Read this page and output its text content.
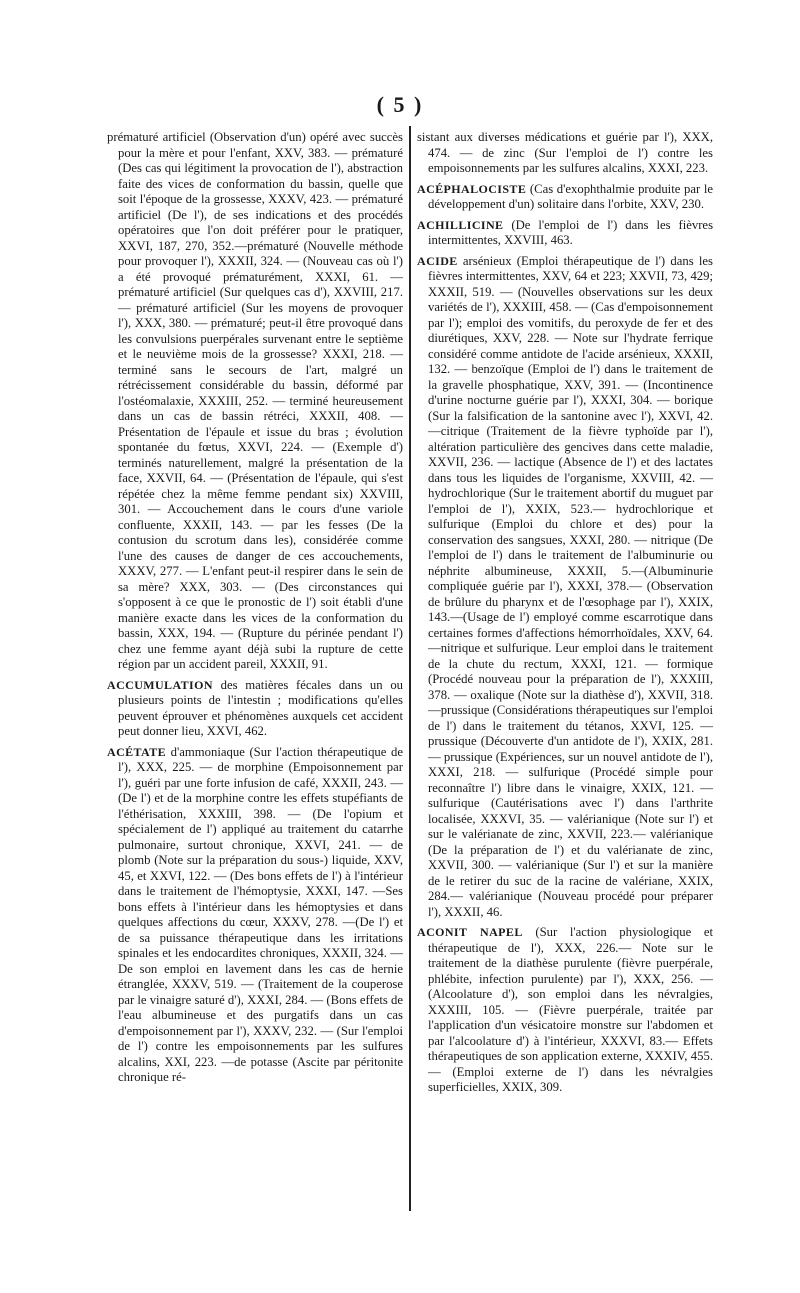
( 5 )

prématuré artificiel (Observation d'un) opéré avec succès pour la mère et pour l'enfant, XXV, 383. — prématuré (Des cas qui légitiment la provocation de l'), abstraction faite des vices de conformation du bassin, quelle que soit l'époque de la grossesse, XXXV, 423. — prématuré artificiel (De l'), de ses indications et des procédés opératoires que l'on doit préférer pour le pratiquer, XXVI, 187, 270, 352.—prématuré (Nouvelle méthode pour provoquer l'), XXXII, 324. — (Nouveau cas où l') a été provoqué prématurément, XXXI, 61. — prématuré artificiel (Sur quelques cas d'), XXVIII, 217. — prématuré artificiel (Sur les moyens de provoquer l'), XXX, 380. — prématuré; peut-il être provoqué dans les convulsions puerpérales survenant entre le septième et le neuvième mois de la grossesse? XXXI, 218. — terminé sans le secours de l'art, malgré un rétrécissement considérable du bassin, déformé par l'ostéomalaxie, XXXIII, 252. — terminé heureusement dans un cas de bassin rétréci, XXXII, 408. — Présentation de l'épaule et issue du bras ; évolution spontanée du fœtus, XXVI, 224. — (Exemple d') terminés naturellement, malgré la présentation de la face, XXVII, 64. — (Présentation de l'épaule, qui s'est répétée chez la même femme pendant six) XXVIII, 301. — Accouchement dans le cours d'une variole confluente, XXXII, 143. — par les fesses (De la contusion du scrotum dans les), considérée comme l'une des causes de danger de ces accouchements, XXXV, 277. — L'enfant peut-il respirer dans le sein de sa mère? XXX, 303. — (Des circonstances qui s'opposent à ce que le pronostic de l') soit établi d'une manière exacte dans les vices de la conformation du bassin, XXX, 194. — (Rupture du périnée pendant l') chez une femme ayant déjà subi la rupture de cette région par un accident pareil, XXXII, 91.

ACCUMULATION des matières fécales dans un ou plusieurs points de l'intestin ; modifications qu'elles peuvent éprouver et phénomènes auxquels cet accident peut donner lieu, XXVI, 462.

ACÉTATE d'ammoniaque (Sur l'action thérapeutique de l'), XXX, 225. — de morphine (Empoisonnement par l'), guéri par une forte infusion de café, XXXII, 243. — (De l') et de la morphine contre les effets stupéfiants de l'éthérisation, XXXIII, 398. — (De l'opium et spécialement de l') appliqué au traitement du catarrhe pulmonaire, surtout chronique, XXVI, 241. — de plomb (Note sur la préparation du sous-) liquide, XXV, 45, et XXVI, 122. — (Des bons effets de l') à l'intérieur dans le traitement de l'hémoptysie, XXXI, 147. —Ses bons effets à l'intérieur dans les hémoptysies et dans quelques affections du cœur, XXXV, 278. —(De l') et de sa puissance thérapeutique dans les irritations spinales et les endocardites chroniques, XXXII, 324. — De son emploi en lavement dans les cas de hernie étranglée, XXXV, 519. — (Traitement de la couperose par le vinaigre saturé d'), XXXI, 284. — (Bons effets de l'eau albumineuse et des purgatifs dans un cas d'empoisonnement par l'), XXXV, 232. — (Sur l'emploi de l') contre les empoisonnements par les sulfures alcalins, XXI, 223. —de potasse (Ascite par péritonite chronique ré-

sistant aux diverses médications et guérie par l'), XXX, 474. — de zinc (Sur l'emploi de l') contre les empoisonnements par les sulfures alcalins, XXXI, 223.

ACÉPHALOCISTE (Cas d'exophthalmie produite par le développement d'un) solitaire dans l'orbite, XXV, 230.

ACHILLICINE (De l'emploi de l') dans les fièvres intermittentes, XXVIII, 463.

ACIDE arsénieux (Emploi thérapeutique de l') dans les fièvres intermittentes, XXV, 64 et 223; XXVII, 73, 429; XXXII, 519. — (Nouvelles observations sur les deux variétés de l'), XXXIII, 458. — (Cas d'empoisonnement par l'); emploi des vomitifs, du peroxyde de fer et des diurétiques, XXV, 228. — Note sur l'hydrate ferrique considéré comme antidote de l'acide arsénieux, XXXII, 132. — benzoïque (Emploi de l') dans le traitement de la gravelle phosphatique, XXV, 391. — (Incontinence d'urine nocturne guérie par l'), XXXI, 304. — borique (Sur la falsification de la santonine avec l'), XXVI, 42.—citrique (Traitement de la fièvre typhoïde par l'), altération particulière des gencives dans cette maladie, XXVII, 236. — lactique (Absence de l') et des lactates dans tous les liquides de l'organisme, XXVIII, 42. — hydrochlorique (Sur le traitement abortif du muguet par l'emploi de l'), XXIX, 523.— hydrochlorique et sulfurique (Emploi du chlore et des) pour la conservation des sangsues, XXXI, 280. — nitrique (De l'emploi de l') dans le traitement de l'albuminurie ou néphrite albumineuse, XXXII, 5.—(Albuminurie compliquée guérie par l'), XXXI, 378.— (Observation de brûlure du pharynx et de l'œsophage par l'), XXIX, 143.—(Usage de l') employé comme escarrotique dans certaines formes d'affections hémorrhoïdales, XXV, 64.—nitrique et sulfurique. Leur emploi dans le traitement de la chute du rectum, XXXI, 121. — formique (Procédé nouveau pour la préparation de l'), XXXIII, 378. — oxalique (Note sur la diathèse d'), XXVII, 318.—prussique (Considérations thérapeutiques sur l'emploi de l') dans le traitement du tétanos, XXVI, 125. — prussique (Découverte d'un antidote de l'), XXIX, 281. — prussique (Expériences, sur un nouvel antidote de l'), XXXI, 218. — sulfurique (Procédé simple pour reconnaître l') libre dans le vinaigre, XXIX, 121. — sulfurique (Cautérisations avec l') dans l'arthrite localisée, XXXVI, 35. — valérianique (Note sur l') et sur le valérianate de zinc, XXVII, 223.— valérianique (De la préparation de l') et du valérianate de zinc, XXVII, 300. — valérianique (Sur l') et sur la manière de le retirer du suc de la racine de valériane, XXIX, 284.— valérianique (Nouveau procédé pour préparer l'), XXXII, 46.

ACONIT NAPEL (Sur l'action physiologique et thérapeutique de l'), XXX, 226.— Note sur le traitement de la diathèse purulente (fièvre puerpérale, phlébite, infection purulente) par l'), XXX, 256. — (Alcoolature d'), son emploi dans les névralgies, XXXIII, 105. — (Fièvre puerpérale, traitée par l'application d'un vésicatoire monstre sur l'abdomen et par l'alcoolature d') à l'intérieur, XXXVI, 83.— Effets thérapeutiques de son application externe, XXXIV, 455. — (Emploi externe de l') dans les névralgies superficielles, XXIX, 309.
